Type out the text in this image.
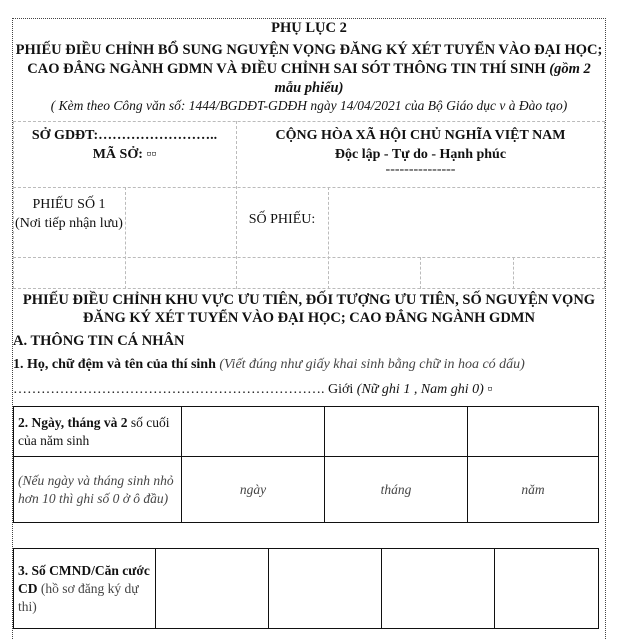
PHỤ LỤC 2
PHIẾU ĐIỀU CHỈNH BỔ SUNG NGUYỆN VỌNG ĐĂNG KÝ XÉT TUYỂN VÀO ĐẠI HỌC;
CAO ĐẲNG NGÀNH GDMN VÀ ĐIỀU CHỈNH SAI SÓT THÔNG TIN THÍ SINH (gồm 2 mẫu phiếu)
( Kèm theo Công văn số: 1444/BGDĐT-GDĐH ngày 14/04/2021 của Bộ Giáo dục v à Đào tạo)
SỞ GDĐT:……………………..
MÃ SỞ: ▫▫
CỘNG HÒA XÃ HỘI CHỦ NGHĨA VIỆT NAM
Độc lập - Tự do - Hạnh phúc
---------------
PHIẾU SỐ 1
(Nơi tiếp nhận lưu)	SỐ PHIẾU:
PHIẾU ĐIỀU CHỈNH KHU VỰC ƯU TIÊN, ĐỐI TƯỢNG ƯU TIÊN, SỐ NGUYỆN VỌNG
ĐĂNG KÝ XÉT TUYỂN VÀO ĐẠI HỌC; CAO ĐẲNG NGÀNH GDMN
A. THÔNG TIN CÁ NHÂN
1. Họ, chữ đệm và tên của thí sinh (Viết đúng như giấy khai sinh bằng chữ in hoa có dấu)
…………………………………………………………. Giới (Nữ ghi 1 , Nam ghi 0) ▫
2. Ngày, tháng và 2 số cuối của năm sinh			
(Nếu ngày và tháng sinh nhỏ hơn 10 thì ghi số 0 ở ô đầu)	ngày	tháng	năm
3. Số CMND/Căn cước CD (hồ sơ đăng ký dự thi)				
